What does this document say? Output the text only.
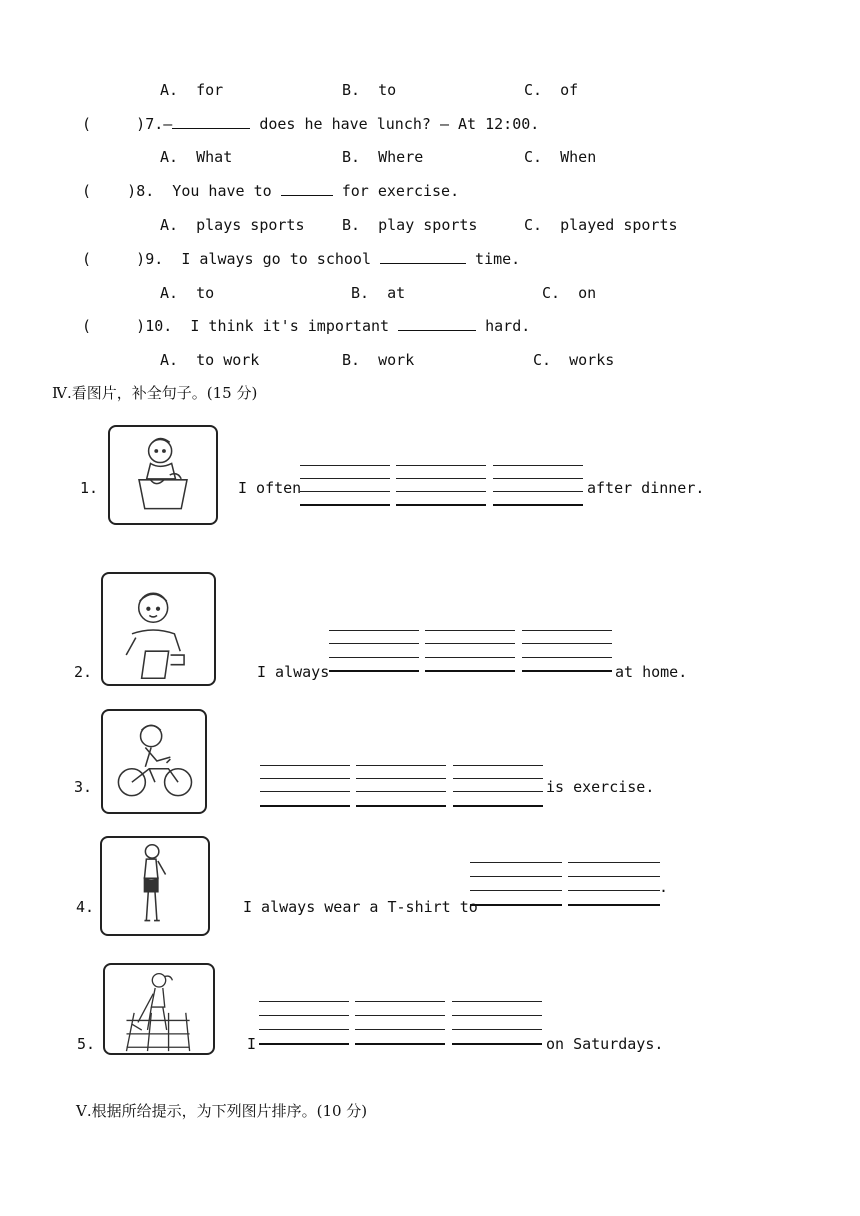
A.  for	B.  to	C.  of
(     )7.—	does he have lunch? — At 12:00.
A.  What	B.  Where	C.  When
(    )8.  You have to	for exercise.
A.  plays sports	B.  play sports	C.  played sports
(     )9.  I always go to school	time.
A.  to	B.  at	C.  on
(     )10.  I think it's important	hard.
A.  to work	B.  work	C.  works
Ⅳ.看图片，补全句子。(15 分)
1.	I often	after dinner.
2.	I always	at home.
3.	is exercise.
4.	I always wear a T-shirt to
.
5.	I	on Saturdays.
Ⅴ.根据所给提示，为下列图片排序。(10 分)
